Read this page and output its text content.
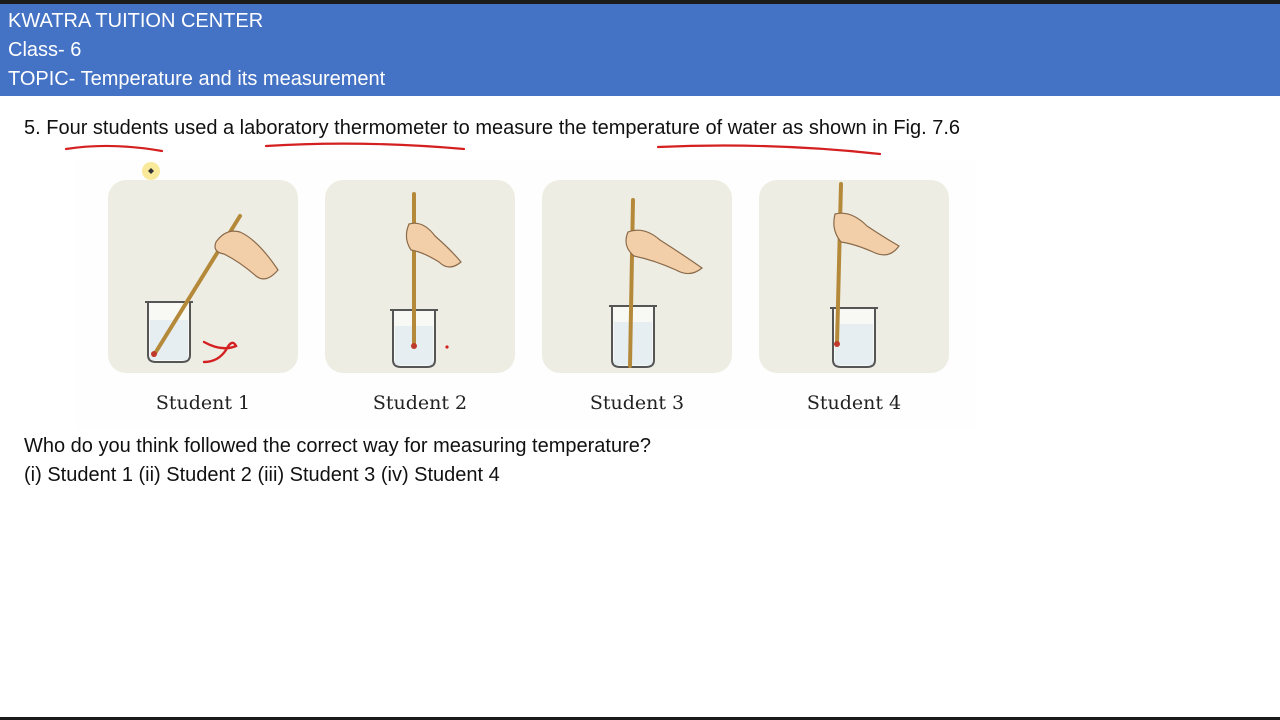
KWATRA TUITION CENTER
Class- 6
TOPIC- Temperature and its measurement
5. Four students used a laboratory thermometer to measure the temperature of water as shown in Fig. 7.6
Student 1	Student 2	Student 3	Student 4
Who do you think followed the correct way for measuring temperature?
(i) Student 1 (ii) Student 2 (iii) Student 3 (iv) Student 4
